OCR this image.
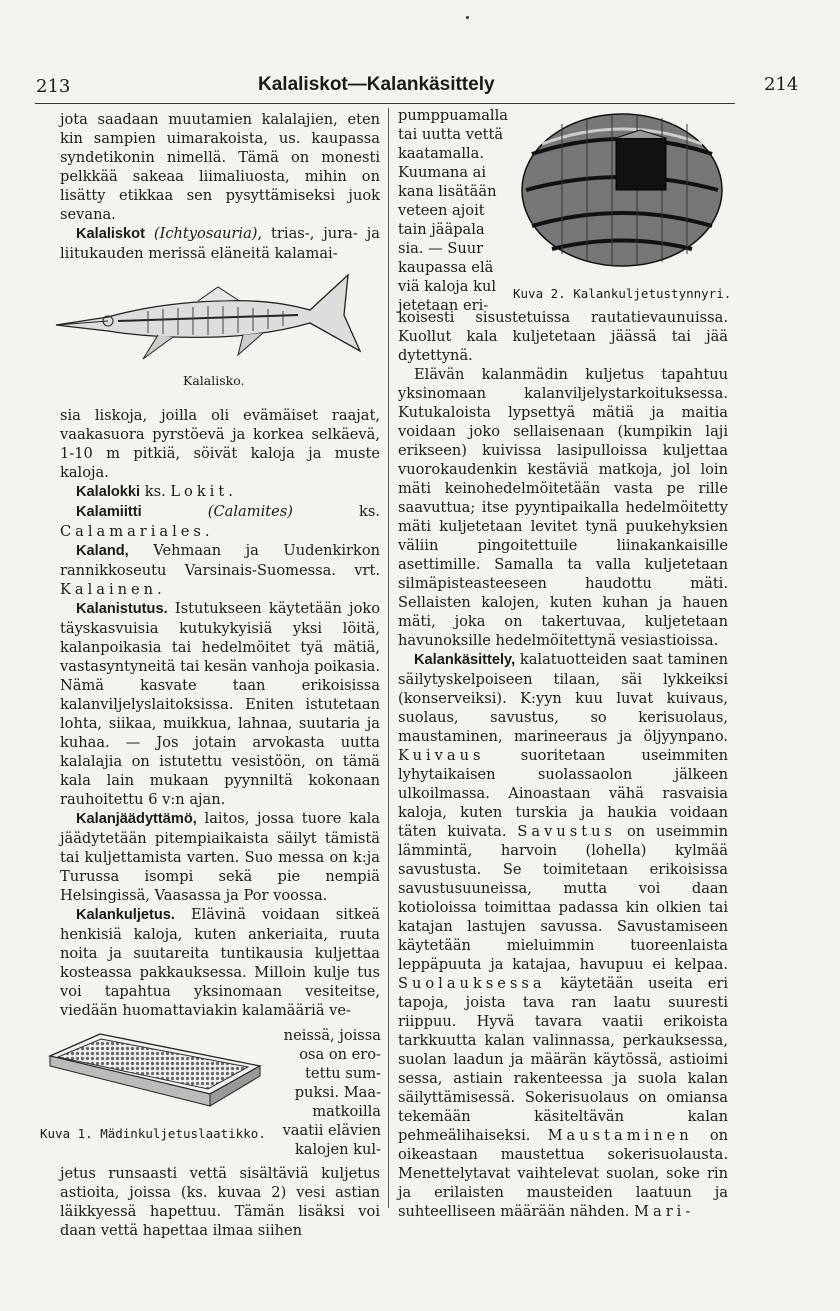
213	Kalaliskot—Kalankäsittely	214

jota saadaan muutamien kalalajien, eten kin sampien uimarakoista, us. kaupassa syndetikonin nimellä. Tämä on monesti pelkkää sakeaa liimaliuosta, mihin on lisätty etikkaa sen pysyttämiseksi juok sevana.

Kalaliskot (Ichtyosauria), trias-, jura- ja liitukauden merissä eläneitä kalamai-

Kalalisko.

sia liskoja, joilla oli evämäiset raajat, vaakasuora pyrstöevä ja korkea selkäevä, 1-10 m pitkiä, söivät kaloja ja muste kaloja.

Kalalokki ks. Lokit.

Kalamiitti	(Calamites)	ks. Calamariales.

Kaland, Vehmaan ja Uudenkirkon rannikkoseutu Varsinais-Suomessa. vrt. Kalainen.

Kalanistutus. Istutukseen käytetään joko täyskasvuisia kutukykyisiä yksi löitä, kalanpoikasia tai hedelmöitet tyä mätiä, vastasyntyneitä tai kesän vanhoja poikasia. Nämä kasvate taan erikoisissa kalanviljelyslaitoksissa. Eniten istutetaan lohta, siikaa, muikkua, lahnaa, suutaria ja kuhaa. — Jos jotain arvokasta uutta kalalajia on istutettu vesistöön, on tämä kala lain mukaan pyynniltä kokonaan rauhoitettu 6 v:n ajan.

Kalanjäädyttämö, laitos, jossa tuore kala jäädytetään pitempiaikaista säilyt tämistä tai kuljettamista varten. Suo messa on k:ja Turussa isompi sekä pie nempiä Helsingissä, Vaasassa ja Por voossa.

Kalankuljetus. Elävinä voidaan sitkeä henkisiä kaloja, kuten ankeriaita, ruuta noita ja suutareita tuntikausia kuljettaa kosteassa pakkauksessa. Milloin kulje tus voi tapahtua yksinomaan vesiteitse, viedään huomattaviakin kalamääriä ve-

neissä, joissa

osa on ero-

tettu sum-

puksi. Maa-

matkoilla

vaatii elävien

kalojen kul-

Kuva 1. Mädinkuljetuslaatikko.

jetus runsaasti vettä sisältäviä kuljetus astioita, joissa (ks. kuvaa 2) vesi astian läikkyessä hapettuu. Tämän lisäksi voi daan vettä hapettaa ilmaa siihen

pumppuamalla tai uutta vettä kaatamalla. Kuumana ai kana lisätään veteen ajoit tain jääpala sia. — Suur kaupassa elä viä kaloja kul jetetaan eri-

Kuva 2. Kalankuljetustynnyri.

koisesti sisustetuissa rautatievaunuissa. Kuollut kala kuljetetaan jäässä tai jää dytettynä.

Elävän kalanmädin kuljetus tapahtuu yksinomaan kalanviljelystarkoituksessa. Kutukaloista lypsettyä mätiä ja maitia voidaan joko sellaisenaan (kumpikin laji erikseen) kuivissa lasipulloissa kuljettaa vuorokaudenkin kestäviä matkoja, jol loin mäti keinohedelmöitetään vasta pe rille saavuttua; itse pyyntipaikalla hedelmöitetty mäti kuljetetaan levitet tynä puukehyksien väliin pingoitettuile liinakankaisille asettimille. Samalla ta valla kuljetetaan silmäpisteasteeseen haudottu mäti. Sellaisten kalojen, kuten kuhan ja hauen mäti, joka on takertuvaa, kuljetetaan havunoksille hedelmöitettynä vesiastioissa.

Kalankäsittely, kalatuotteiden saat taminen säilytyskelpoiseen tilaan, säi lykkeiksi (konserveiksi). K:yyn kuu luvat kuivaus, suolaus, savustus, so kerisuolaus, maustaminen, marineeraus ja öljyynpano. Kuivaus suoritetaan useimmiten lyhytaikaisen suolassaolon jälkeen ulkoilmassa. Ainoastaan vähä rasvaisia kaloja, kuten turskia ja haukia voidaan täten kuivata. Savustus on useimmin lämmintä, harvoin (lohella) kylmää savustusta. Se toimitetaan erikoisissa savustusuuneissa, mutta voi daan kotioloissa toimittaa padassa kin olkien tai katajan lastujen savussa. Savustamiseen käytetään mieluimmin tuoreenlaista leppäpuuta ja katajaa, havupuu ei kelpaa. Suolauksessa käytetään useita eri tapoja, joista tava ran laatu suuresti riippuu. Hyvä tavara vaatii erikoista tarkkuutta kalan valinnassa, perkauksessa, suolan laadun ja määrän käytössä, astioimi sessa, astiain rakenteessa ja suola kalan säilyttämisessä. Sokerisuolaus on omiansa tekemään käsiteltävän kalan pehmeälihaiseksi. Maustaminen on oikeastaan maustettua sokerisuolausta. Menettelytavat vaihtelevat suolan, soke rin ja erilaisten mausteiden laatuun ja suhteelliseen määrään nähden. Mari-
